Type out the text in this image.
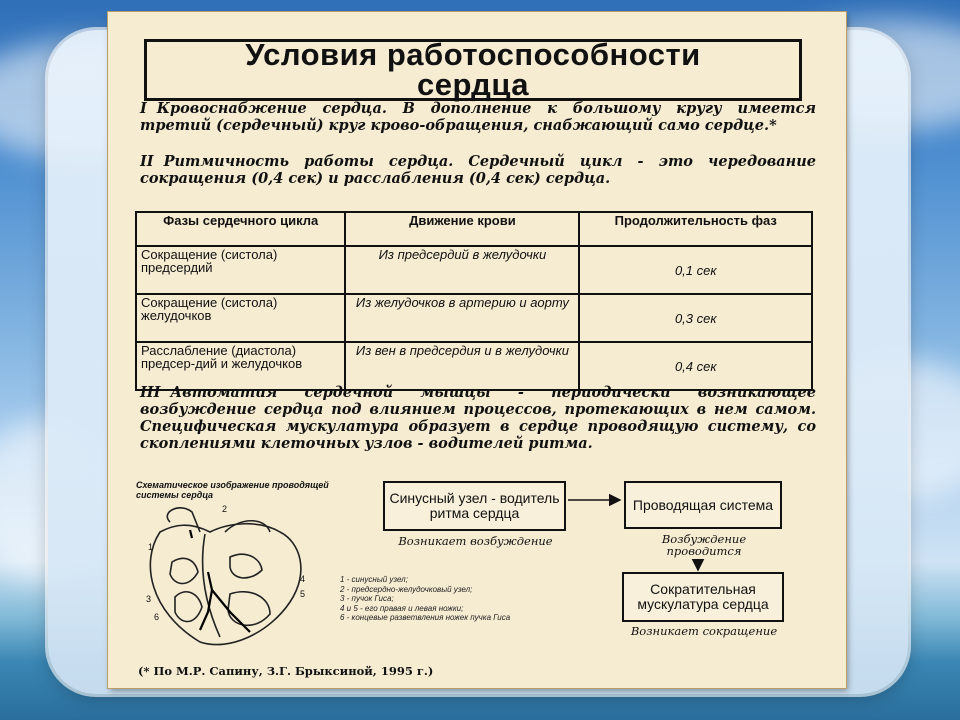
Условия работоспособности
сердца
I Кровоснабжение сердца. В дополнение к большому кругу имеется третий (сердечный) круг крово-обращения, снабжающий само сердце.*
II Ритмичность работы сердца. Сердечный цикл - это чередование сокращения (0,4 сек) и расслабления (0,4 сек) сердца.
Фазы сердечного цикла	Движение крови	Продолжительность фаз
Сокращение (систола) предсердий	Из предсердий в желудочки	0,1 сек
Сокращение (систола) желудочков	Из желудочков в артерию и аорту	0,3 сек
Расслабление (диастола) предсер-дий и желудочков	Из вен в предсердия и в желудочки	0,4 сек
III Автоматия сердечной мышцы - периодически возникающее возбуждение сердца под влиянием процессов, протекающих в нем самом. Специфическая мускулатура образует в сердце проводящую систему, со скоплениями клеточных узлов - водителей ритма.
Схематическое изображение проводящей системы сердца
1
2
3
4
5
6
1 - синусный узел;
2 - предсердно-желудочковый узел;
3 - пучок Гиса;
4 и 5 - его правая и левая ножки;
6 - концевые разветвления ножек пучка Гиса
Синусный узел - водитель ритма сердца
Возникает возбуждение
Проводящая система
Возбуждение проводится
Сократительная мускулатура сердца
Возникает сокращение
(* По М.Р. Сапину, З.Г. Брыксиной, 1995 г.)
